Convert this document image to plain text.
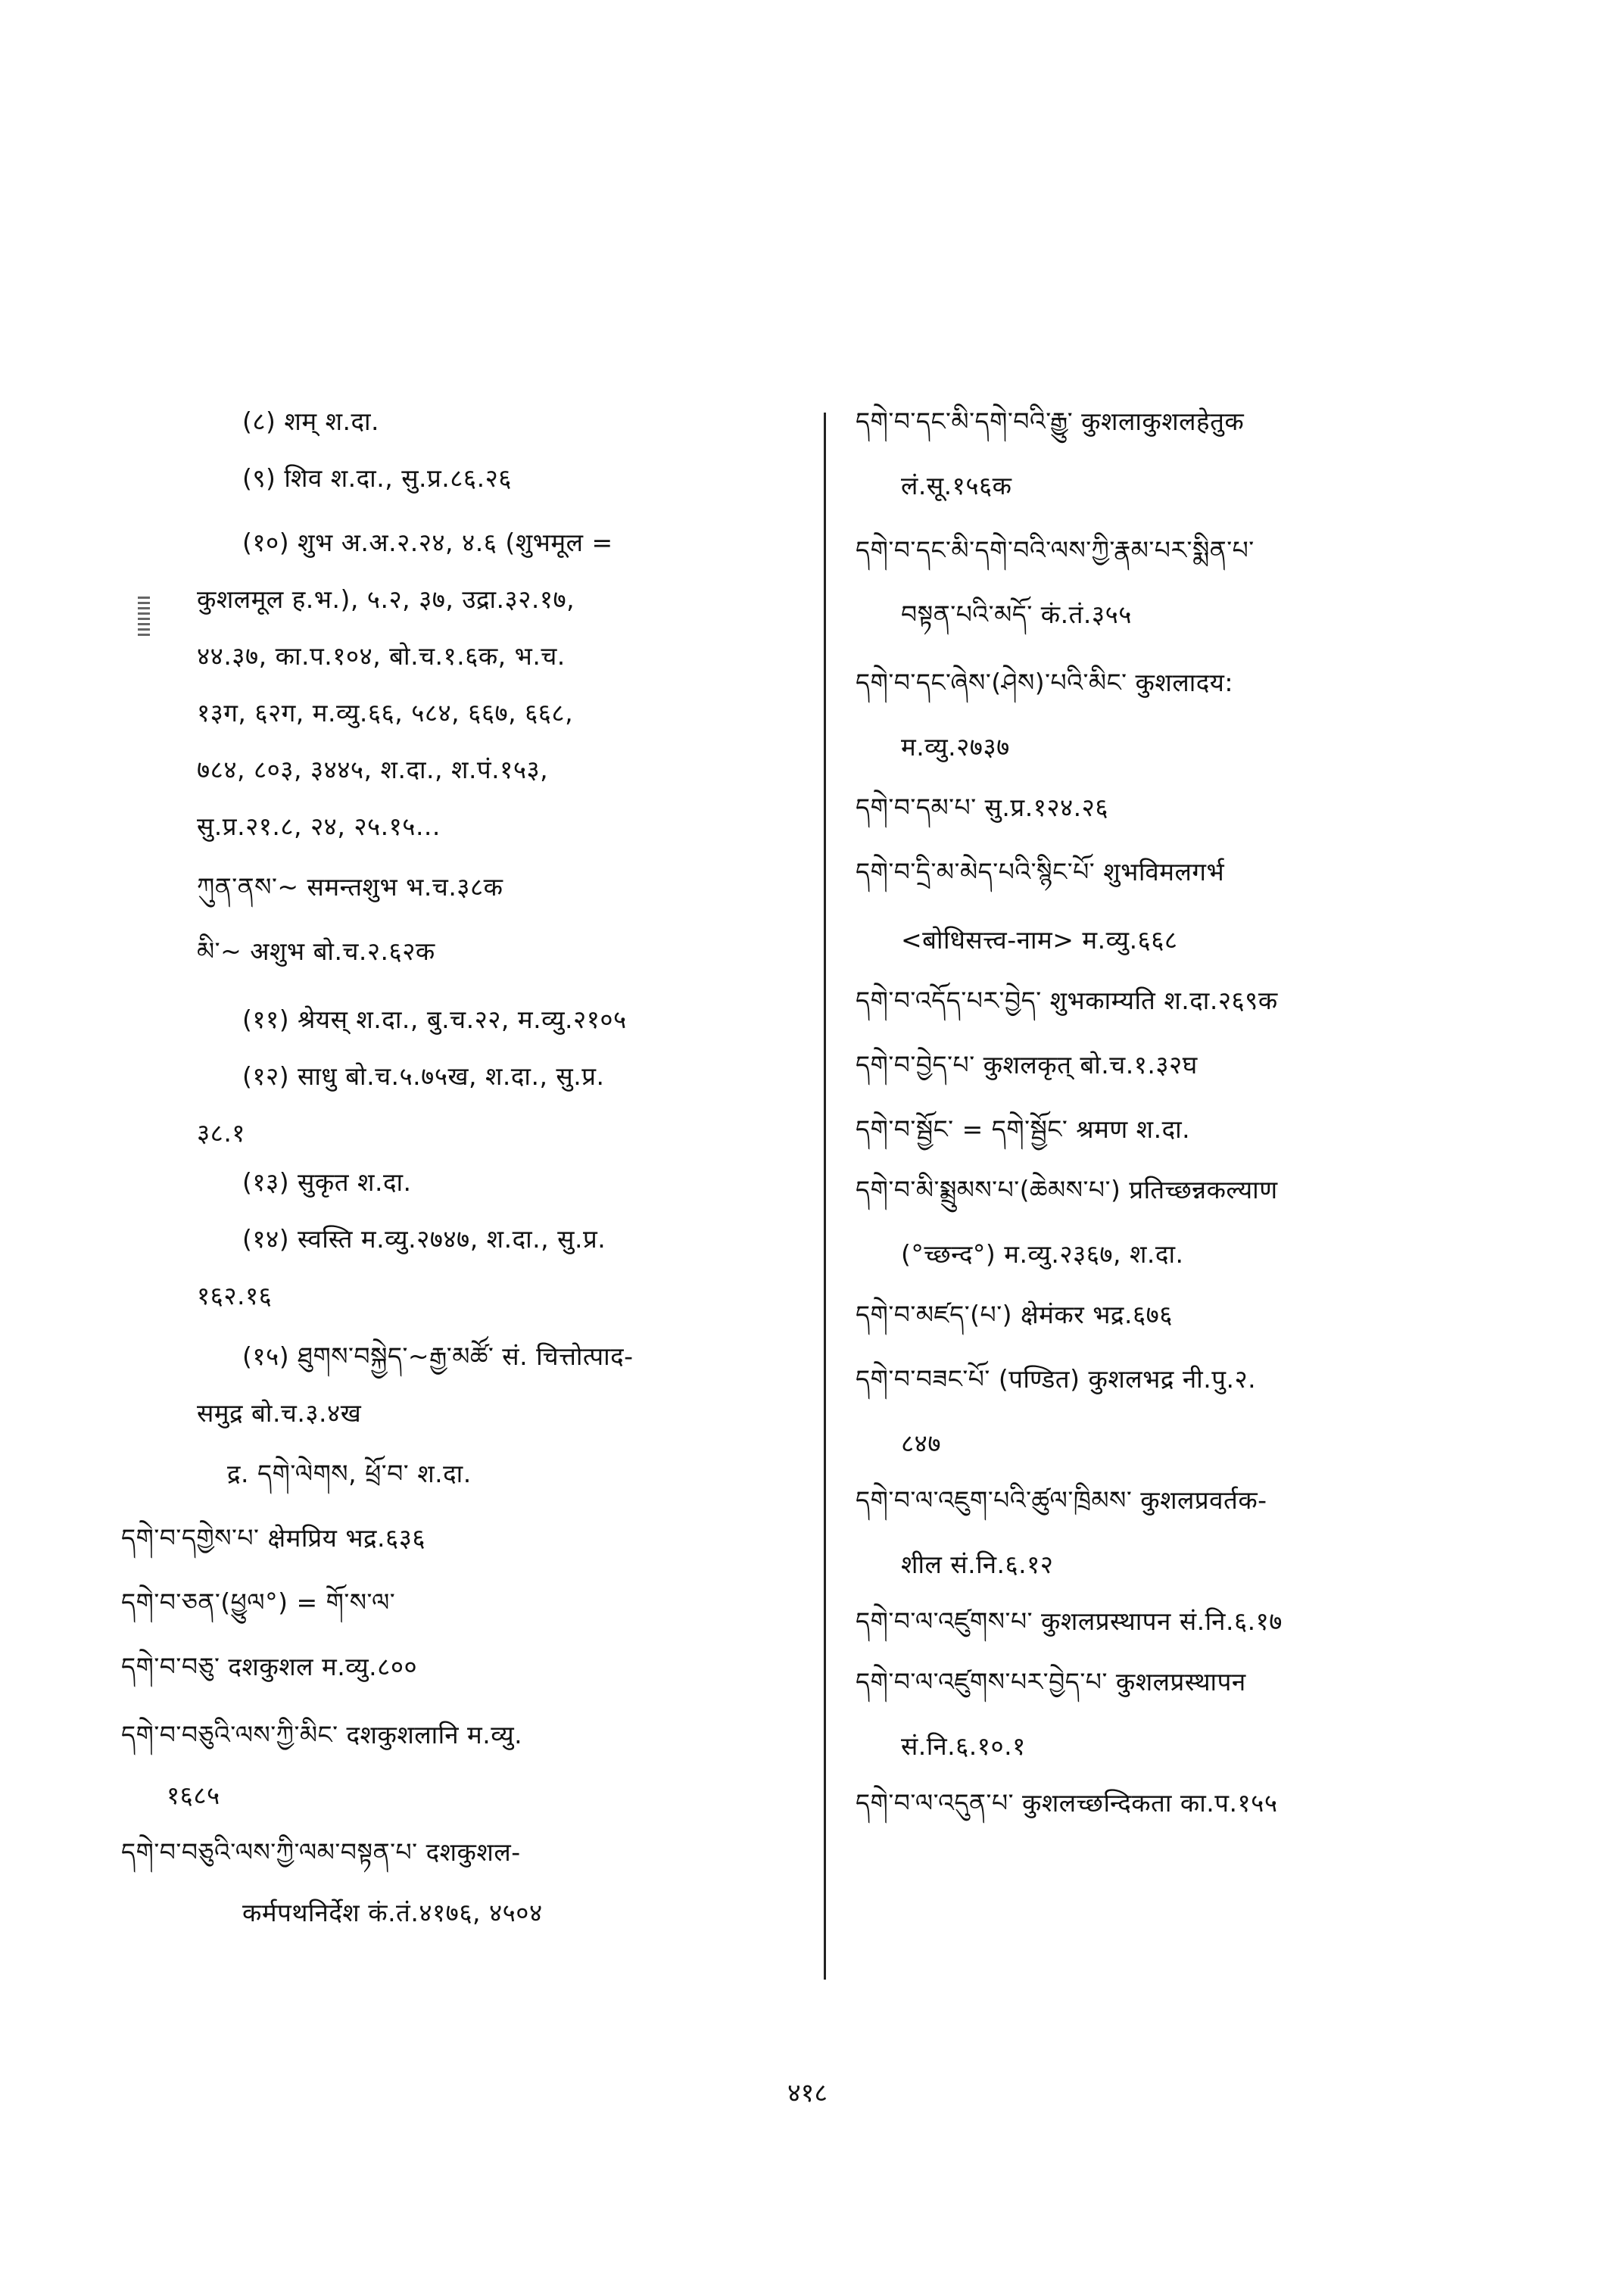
(८) शम् श.दा.
(९) शिव श.दा., सु.प्र.८६.२६
(१०) शुभ अ.अ.२.२४, ४.६ (शुभमूल =
कुशलमूल ह.भ.), ५.२, ३७, उद्रा.३२.१७,
४४.३७, का.प.१०४, बो.च.१.६क, भ.च.
१३ग, ६२ग, म.व्यु.६६, ५८४, ६६७, ६६८,
७८४, ८०३, ३४४५, श.दा., श.पं.१५३,
सु.प्र.२१.८, २४, २५.१५...
ཀུན་ནས་~ समन्तशुभ भ.च.३८क
མི་~ अशुभ बो.च.२.६२क
(११) श्रेयस् श.दा., बु.च.२२, म.व्यु.२१०५
(१२) साधु बो.च.५.७५ख, श.दा., सु.प्र.
३८.१
(१३) सुकृत श.दा.
(१४) स्वस्ति म.व्यु.२७४७, श.दा., सु.प्र.
१६२.१६
(१५) ཐུགས་བསྐྱེད་~རྒྱ་མཚོ་ सं. चित्तोत्पाद-
समुद्र बो.च.३.४ख
द्र. དགེ་ལེགས, ཕྲོ་བ་ श.दा.
དགེ་བ་དགྱེས་པ་ क्षेमप्रिय भद्र.६३६
དགེ་བ་ཅན་(ཕྱུལ°) = གོ་ས་ལ་
དགེ་བ་བཅུ་ दशकुशल म.व्यु.८००
དགེ་བ་བཅུའི་ལས་ཀྱི་མིང་ दशकुशलानि म.व्यु.
१६८५
དགེ་བ་བཅུའི་ལས་ཀྱི་ལམ་བསྟན་པ་ दशकुशल-
कर्मपथनिर्देश कं.तं.४१७६, ४५०४
དགེ་བ་དང་མི་དགེ་བའི་རྒྱུ་ कुशलाकुशलहेतुक
लं.सू.१५६क
དགེ་བ་དང་མི་དགེ་བའི་ལས་ཀྱི་རྣམ་པར་སྨིན་པ་
བསྟན་པའི་མདོ་ कं.तं.३५५
དགེ་བ་དང་ཞེས་(ཤེས)་པའི་མིང་ कुशलादय:
म.व्यु.२७३७
དགེ་བ་དམ་པ་ सु.प्र.१२४.२६
དགེ་བ་དྲི་མ་མེད་པའི་སྙིང་པོ་ शुभविमलगर्भ
<बोधिसत्त्व-नाम> म.व्यु.६६८
དགེ་བ་འདོད་པར་བྱེད་ शुभकाम्यति श.दा.२६९क
དགེ་བ་བྱེད་པ་ कुशलकृत् बो.च.१.३२घ
དགེ་བ་སྦྱོང་ = དགེ་སྦྱོང་ श्रमण श.दा.
དགེ་བ་མི་སྨྲུམས་པ་(ཆེམས་པ་) प्रतिच्छन्नकल्याण
(°च्छन्द°) म.व्यु.२३६७, श.दा.
དགེ་བ་མཛད་(པ་) क्षेमंकर भद्र.६७६
དགེ་བ་བཟང་པོ་ (पण्डित) कुशलभद्र नी.पु.२.
८४७
དགེ་བ་ལ་འཇུག་པའི་ཚུལ་ཁྲིམས་ कुशलप्रवर्तक-
शील सं.नि.६.१२
དགེ་བ་ལ་འཛུགས་པ་ कुशलप्रस्थापन सं.नि.६.१७
དགེ་བ་ལ་འཛུགས་པར་བྱེད་པ་ कुशलप्रस्थापन
सं.नि.६.१०.१
དགེ་བ་ལ་འདུན་པ་ कुशलच्छन्दिकता का.प.१५५
४१८
